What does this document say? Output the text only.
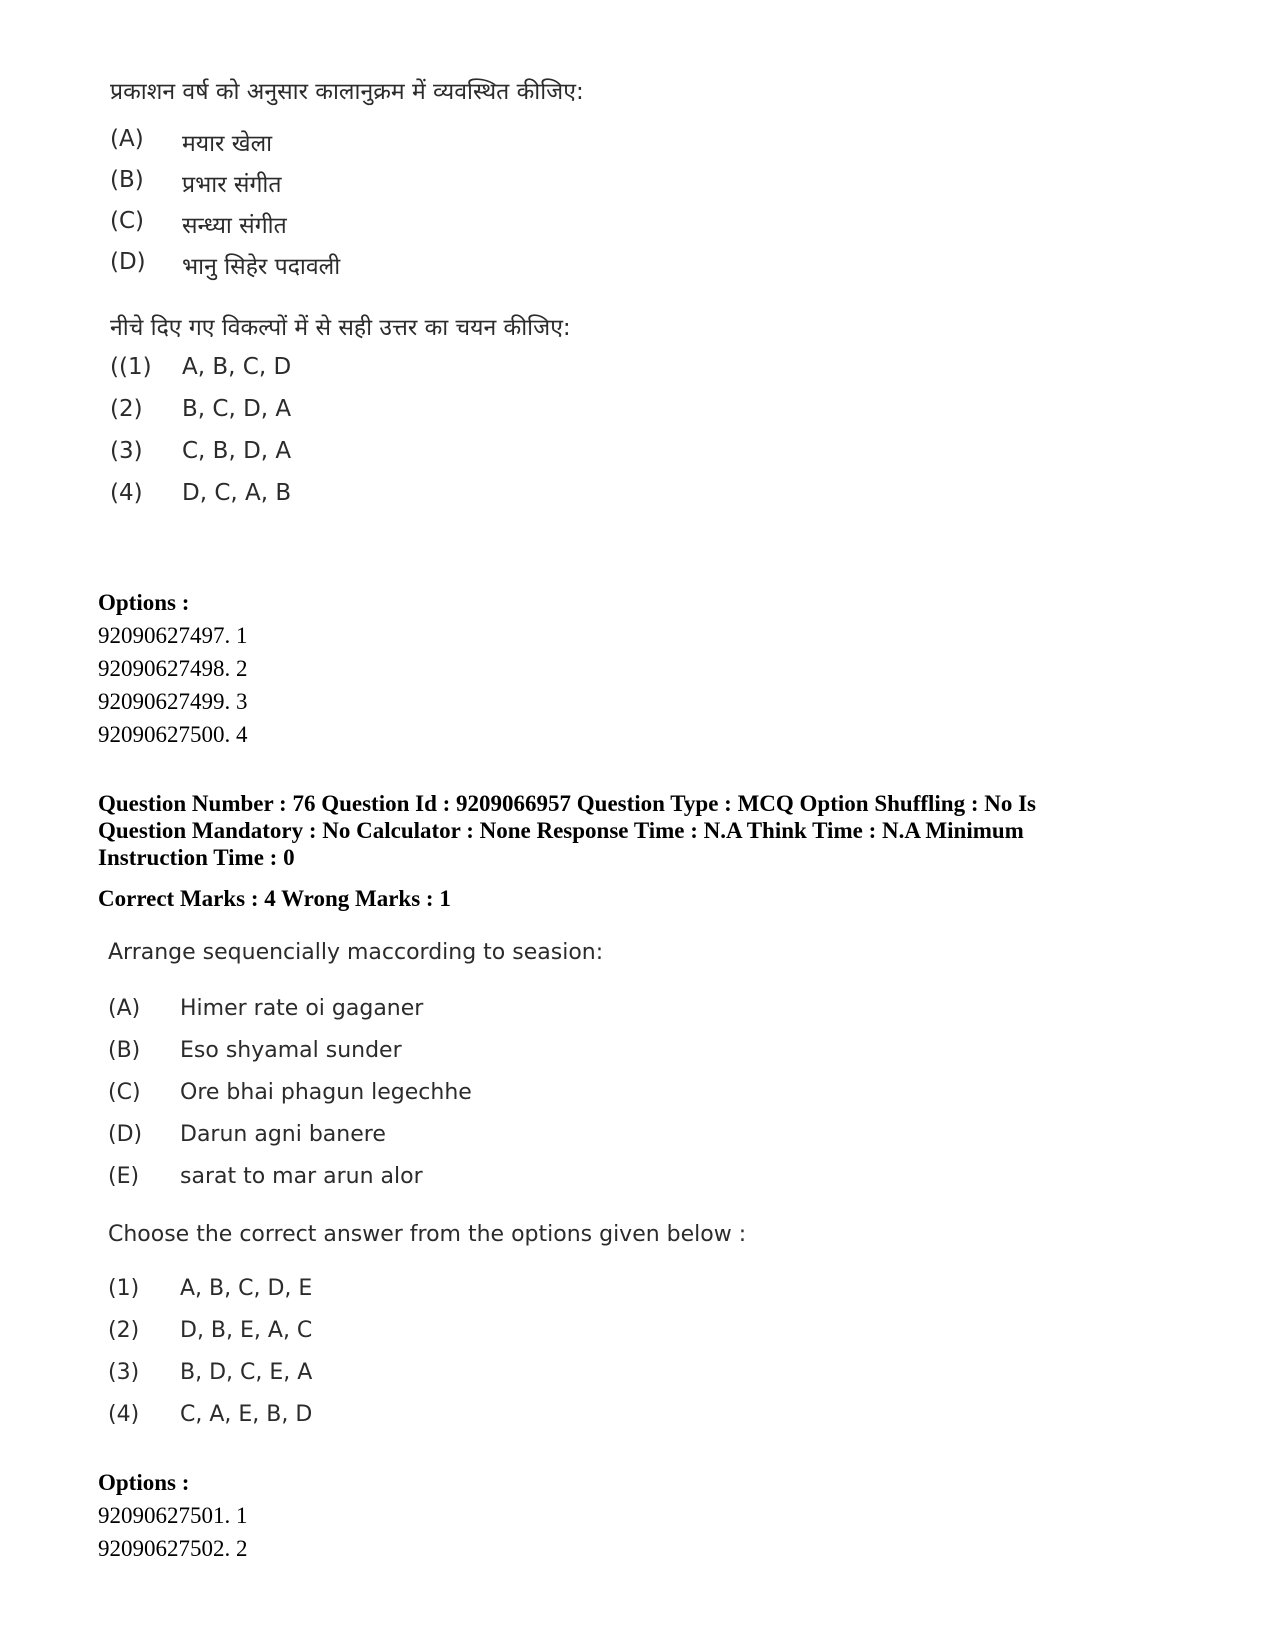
प्रकाशन वर्ष को अनुसार कालानुक्रम में व्यवस्थित कीजिए:
(A) मयार खेला
(B) प्रभार संगीत
(C) सन्ध्या संगीत
(D) भानु सिहेर पदावली
नीचे दिए गए विकल्पों में से सही उत्तर का चयन कीजिए:
((1) A, B, C, D
(2) B, C, D, A
(3) C, B, D, A
(4) D, C, A, B
Options :
92090627497. 1
92090627498. 2
92090627499. 3
92090627500. 4
Question Number : 76 Question Id : 9209066957 Question Type : MCQ Option Shuffling : No Is Question Mandatory : No Calculator : None Response Time : N.A Think Time : N.A Minimum Instruction Time : 0
Correct Marks : 4 Wrong Marks : 1
Arrange sequencially maccording to seasion:
(A) Himer rate oi gaganer
(B) Eso shyamal sunder
(C) Ore bhai phagun legechhe
(D) Darun agni banere
(E) sarat to mar arun alor
Choose the correct answer from the options given below :
(1) A, B, C, D, E
(2) D, B, E, A, C
(3) B, D, C, E, A
(4) C, A, E, B, D
Options :
92090627501. 1
92090627502. 2
